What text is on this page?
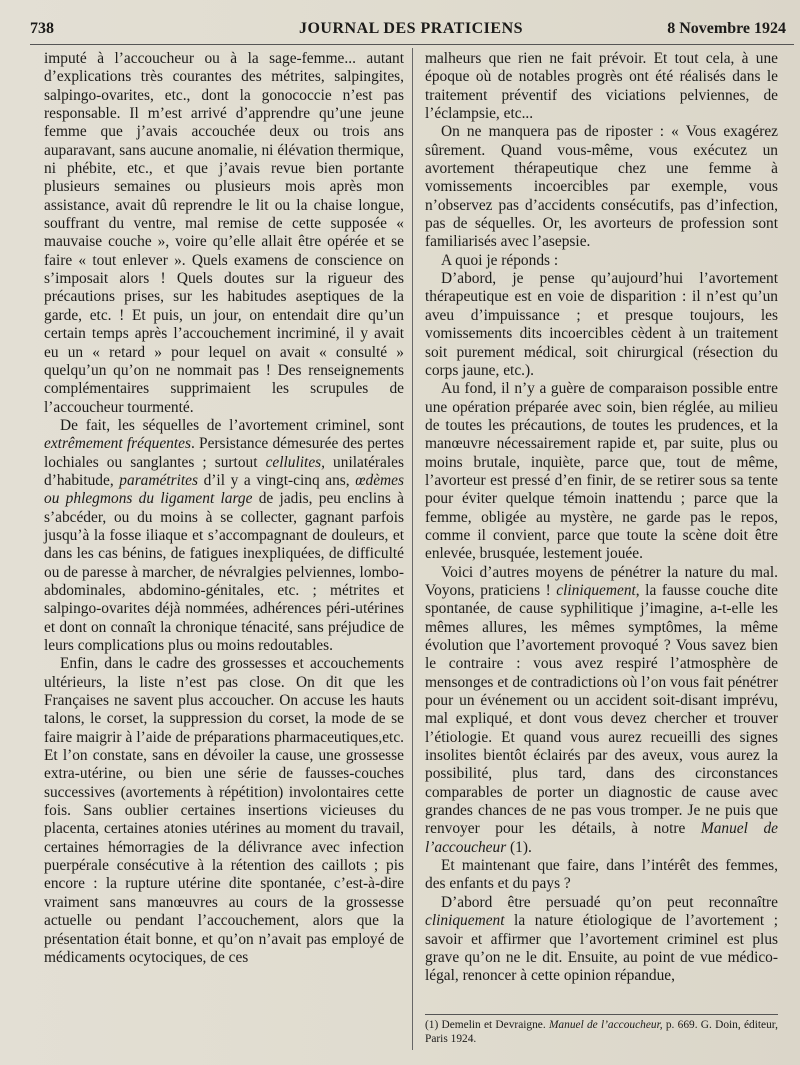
738	JOURNAL DES PRATICIENS	8 Novembre 1924

imputé à l’accoucheur ou à la sage-femme... autant d’explications très courantes des métrites, salpingites, salpingo-ovarites, etc., dont la gonococcie n’est pas responsable. Il m’est arrivé d’apprendre qu’une jeune femme que j’avais accouchée deux ou trois ans auparavant, sans aucune anomalie, ni élévation thermique, ni phébite, etc., et que j’avais revue bien portante plusieurs semaines ou plusieurs mois après mon assistance, avait dû reprendre le lit ou la chaise longue, souffrant du ventre, mal remise de cette supposée « mauvaise couche », voire qu’elle allait être opérée et se faire « tout enlever ». Quels examens de conscience on s’imposait alors ! Quels doutes sur la rigueur des précautions prises, sur les habitudes aseptiques de la garde, etc. ! Et puis, un jour, on entendait dire qu’un certain temps après l’accouchement incriminé, il y avait eu un « retard » pour lequel on avait « consulté » quelqu’un qu’on ne nommait pas ! Des renseignements complémentaires supprimaient les scrupules de l’accoucheur tourmenté.

De fait, les séquelles de l’avortement criminel, sont extrêmement fréquentes. Persistance démesurée des pertes lochiales ou sanglantes ; surtout cellulites, unilatérales d’habitude, paramétrites d’il y a vingt-cinq ans, œdèmes ou phlegmons du ligament large de jadis, peu enclins à s’abcéder, ou du moins à se collecter, gagnant parfois jusqu’à la fosse iliaque et s’accompagnant de douleurs, et dans les cas bénins, de fatigues inexpliquées, de difficulté ou de paresse à marcher, de névralgies pelviennes, lombo-abdominales, abdomino-génitales, etc. ; métrites et salpingo-ovarites déjà nommées, adhérences péri-utérines et dont on connaît la chronique ténacité, sans préjudice de leurs complications plus ou moins redoutables.

Enfin, dans le cadre des grossesses et accouchements ultérieurs, la liste n’est pas close. On dit que les Françaises ne savent plus accoucher. On accuse les hauts talons, le corset, la suppression du corset, la mode de se faire maigrir à l’aide de préparations pharmaceutiques,etc. Et l’on constate, sans en dévoiler la cause, une grossesse extra-utérine, ou bien une série de fausses-couches successives (avortements à répétition) involontaires cette fois. Sans oublier certaines insertions vicieuses du placenta, certaines atonies utérines au moment du travail, certaines hémorragies de la délivrance avec infection puerpérale consécutive à la rétention des caillots ; pis encore : la rupture utérine dite spontanée, c’est-à-dire vraiment sans manœuvres au cours de la grossesse actuelle ou pendant l’accouchement, alors que la présentation était bonne, et qu’on n’avait pas employé de médicaments ocytociques, de ces

malheurs que rien ne fait prévoir. Et tout cela, à une époque où de notables progrès ont été réalisés dans le traitement préventif des viciations pelviennes, de l’éclampsie, etc...

On ne manquera pas de riposter : « Vous exagérez sûrement. Quand vous-même, vous exécutez un avortement thérapeutique chez une femme à vomissements incoercibles par exemple, vous n’observez pas d’accidents consécutifs, pas d’infection, pas de séquelles. Or, les avorteurs de profession sont familiarisés avec l’asepsie.

A quoi je réponds :

D’abord, je pense qu’aujourd’hui l’avortement thérapeutique est en voie de disparition : il n’est qu’un aveu d’impuissance ; et presque toujours, les vomissements dits incoercibles cèdent à un traitement soit purement médical, soit chirurgical (résection du corps jaune, etc.).

Au fond, il n’y a guère de comparaison possible entre une opération préparée avec soin, bien réglée, au milieu de toutes les précautions, de toutes les prudences, et la manœuvre nécessairement rapide et, par suite, plus ou moins brutale, inquiète, parce que, tout de même, l’avorteur est pressé d’en finir, de se retirer sous sa tente pour éviter quelque témoin inattendu ; parce que la femme, obligée au mystère, ne garde pas le repos, comme il convient, parce que toute la scène doit être enlevée, brusquée, lestement jouée.

Voici d’autres moyens de pénétrer la nature du mal. Voyons, praticiens ! cliniquement, la fausse couche dite spontanée, de cause syphilitique j’imagine, a-t-elle les mêmes allures, les mêmes symptômes, la même évolution que l’avortement provoqué ? Vous savez bien le contraire : vous avez respiré l’atmosphère de mensonges et de contradictions où l’on vous fait pénétrer pour un événement ou un accident soit-disant imprévu, mal expliqué, et dont vous devez chercher et trouver l’étiologie. Et quand vous aurez recueilli des signes insolites bientôt éclairés par des aveux, vous aurez la possibilité, plus tard, dans des circonstances comparables de porter un diagnostic de cause avec grandes chances de ne pas vous tromper. Je ne puis que renvoyer pour les détails, à notre Manuel de l’accoucheur (1).

Et maintenant que faire, dans l’intérêt des femmes, des enfants et du pays ?

D’abord être persuadé qu’on peut reconnaître cliniquement la nature étiologique de l’avortement ; savoir et affirmer que l’avortement criminel est plus grave qu’on ne le dit. Ensuite, au point de vue médico-légal, renoncer à cette opinion répandue,

(1) Demelin et Devraigne. Manuel de l’accoucheur, p. 669. G. Doin, éditeur, Paris 1924.
